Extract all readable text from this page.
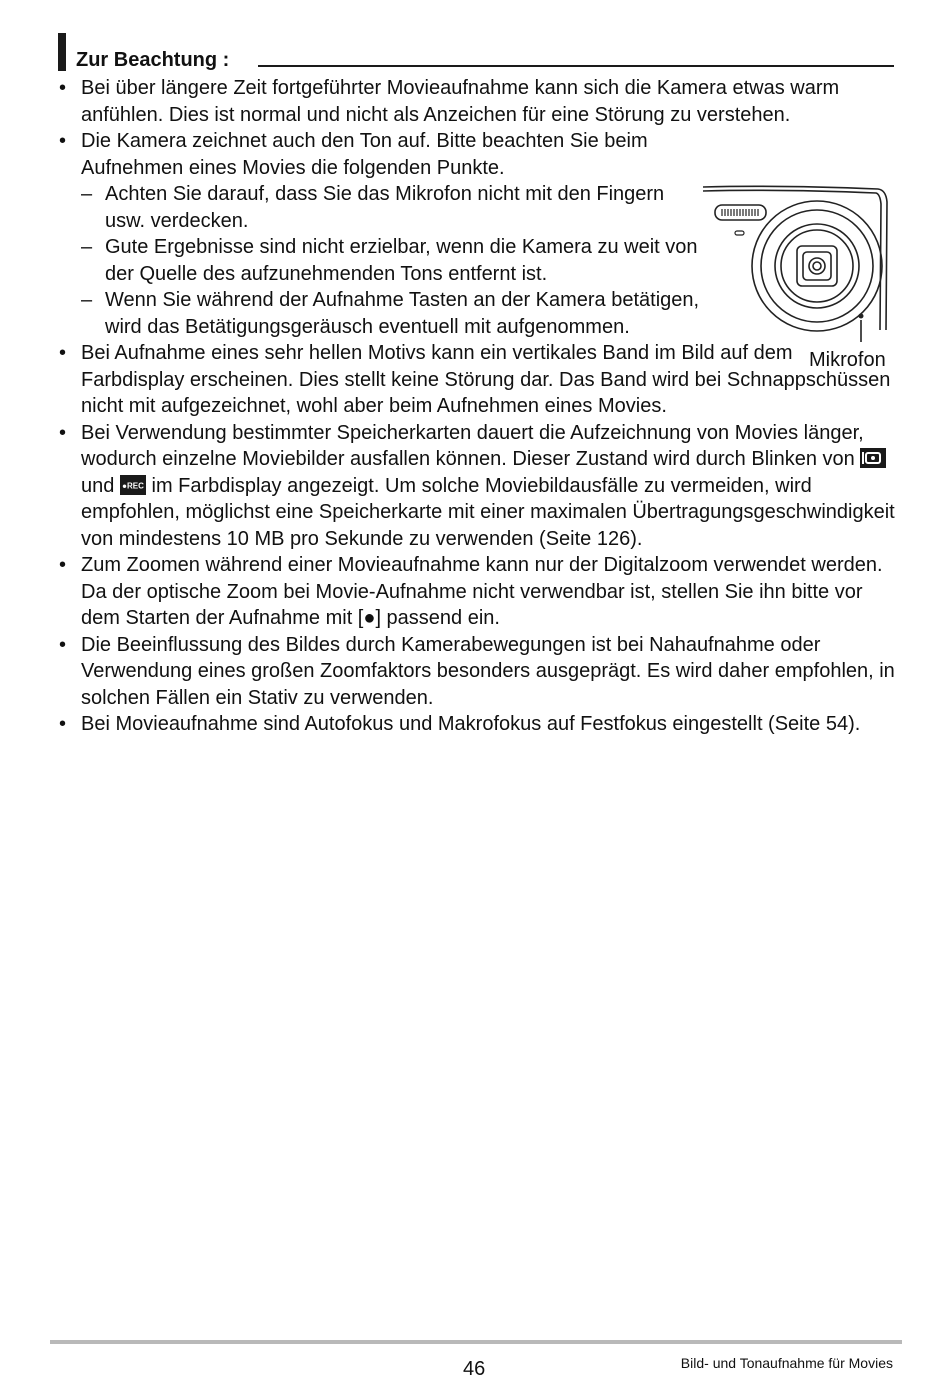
Zur Beachtung :
• Bei über längere Zeit fortgeführter Movieaufnahme kann sich die Kamera etwas warm anfühlen. Dies ist normal und nicht als Anzeichen für eine Störung zu verstehen.
• Die Kamera zeichnet auch den Ton auf. Bitte beachten Sie beim Aufnehmen eines Movies die folgenden Punkte.
– Achten Sie darauf, dass Sie das Mikrofon nicht mit den Fingern usw. verdecken.
– Gute Ergebnisse sind nicht erzielbar, wenn die Kamera zu weit von der Quelle des aufzunehmenden Tons entfernt ist.
– Wenn Sie während der Aufnahme Tasten an der Kamera betätigen, wird das Betätigungsgeräusch eventuell mit aufgenommen.
• Bei Aufnahme eines sehr hellen Motivs kann ein vertikales Band im Bild auf dem Farbdisplay erscheinen. Dies stellt keine Störung dar. Das Band wird bei Schnappschüssen nicht mit aufgezeichnet, wohl aber beim Aufnehmen eines Movies.
• Bei Verwendung bestimmter Speicherkarten dauert die Aufzeichnung von Movies länger, wodurch einzelne Moviebilder ausfallen können. Dieser Zustand wird durch Blinken von  und ●REC im Farbdisplay angezeigt. Um solche Moviebildausfälle zu vermeiden, wird empfohlen, möglichst eine Speicherkarte mit einer maximalen Übertragungsgeschwindigkeit von mindestens 10 MB pro Sekunde zu verwenden (Seite 126).
• Zum Zoomen während einer Movieaufnahme kann nur der Digitalzoom verwendet werden. Da der optische Zoom bei Movie-Aufnahme nicht verwendbar ist, stellen Sie ihn bitte vor dem Starten der Aufnahme mit [●] passend ein.
• Die Beeinflussung des Bildes durch Kamerabewegungen ist bei Nahaufnahme oder Verwendung eines großen Zoomfaktors besonders ausgeprägt. Es wird daher empfohlen, in solchen Fällen ein Stativ zu verwenden.
• Bei Movieaufnahme sind Autofokus und Makrofokus auf Festfokus eingestellt (Seite 54).
Mikrofon
46	Bild- und Tonaufnahme für Movies
